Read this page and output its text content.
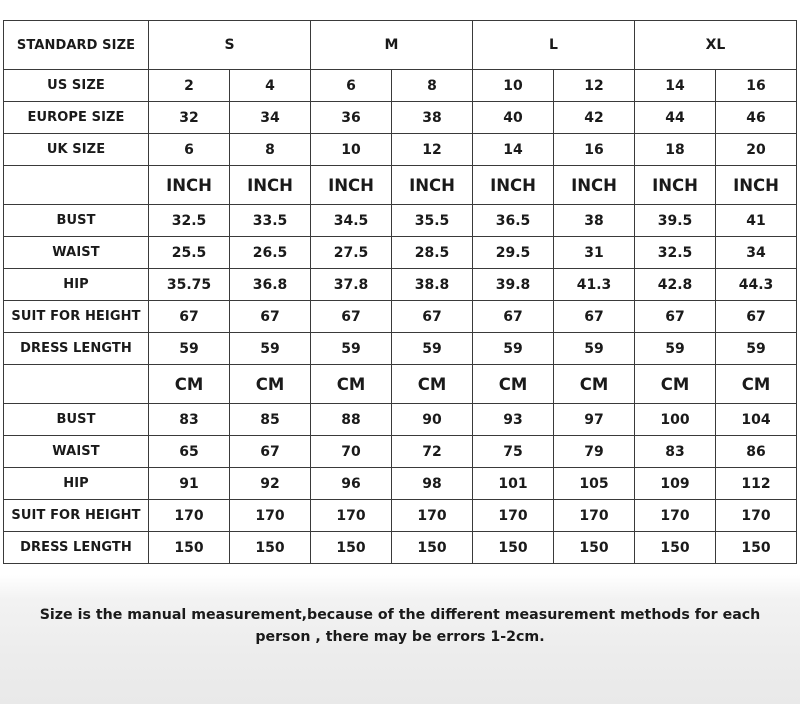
STANDARD SIZE	S		M		L		XL	
US SIZE	2	4	6	8	10	12	14	16
EUROPE SIZE	32	34	36	38	40	42	44	46
UK SIZE	6	8	10	12	14	16	18	20
	INCH	INCH	INCH	INCH	INCH	INCH	INCH	INCH
BUST	32.5	33.5	34.5	35.5	36.5	38	39.5	41
WAIST	25.5	26.5	27.5	28.5	29.5	31	32.5	34
HIP	35.75	36.8	37.8	38.8	39.8	41.3	42.8	44.3
SUIT FOR HEIGHT	67	67	67	67	67	67	67	67
DRESS LENGTH	59	59	59	59	59	59	59	59
	CM	CM	CM	CM	CM	CM	CM	CM
BUST	83	85	88	90	93	97	100	104
WAIST	65	67	70	72	75	79	83	86
HIP	91	92	96	98	101	105	109	112
SUIT FOR HEIGHT	170	170	170	170	170	170	170	170
DRESS LENGTH	150	150	150	150	150	150	150	150
Size is the manual measurement,because of the different measurement methods for each person , there may be errors 1-2cm.
